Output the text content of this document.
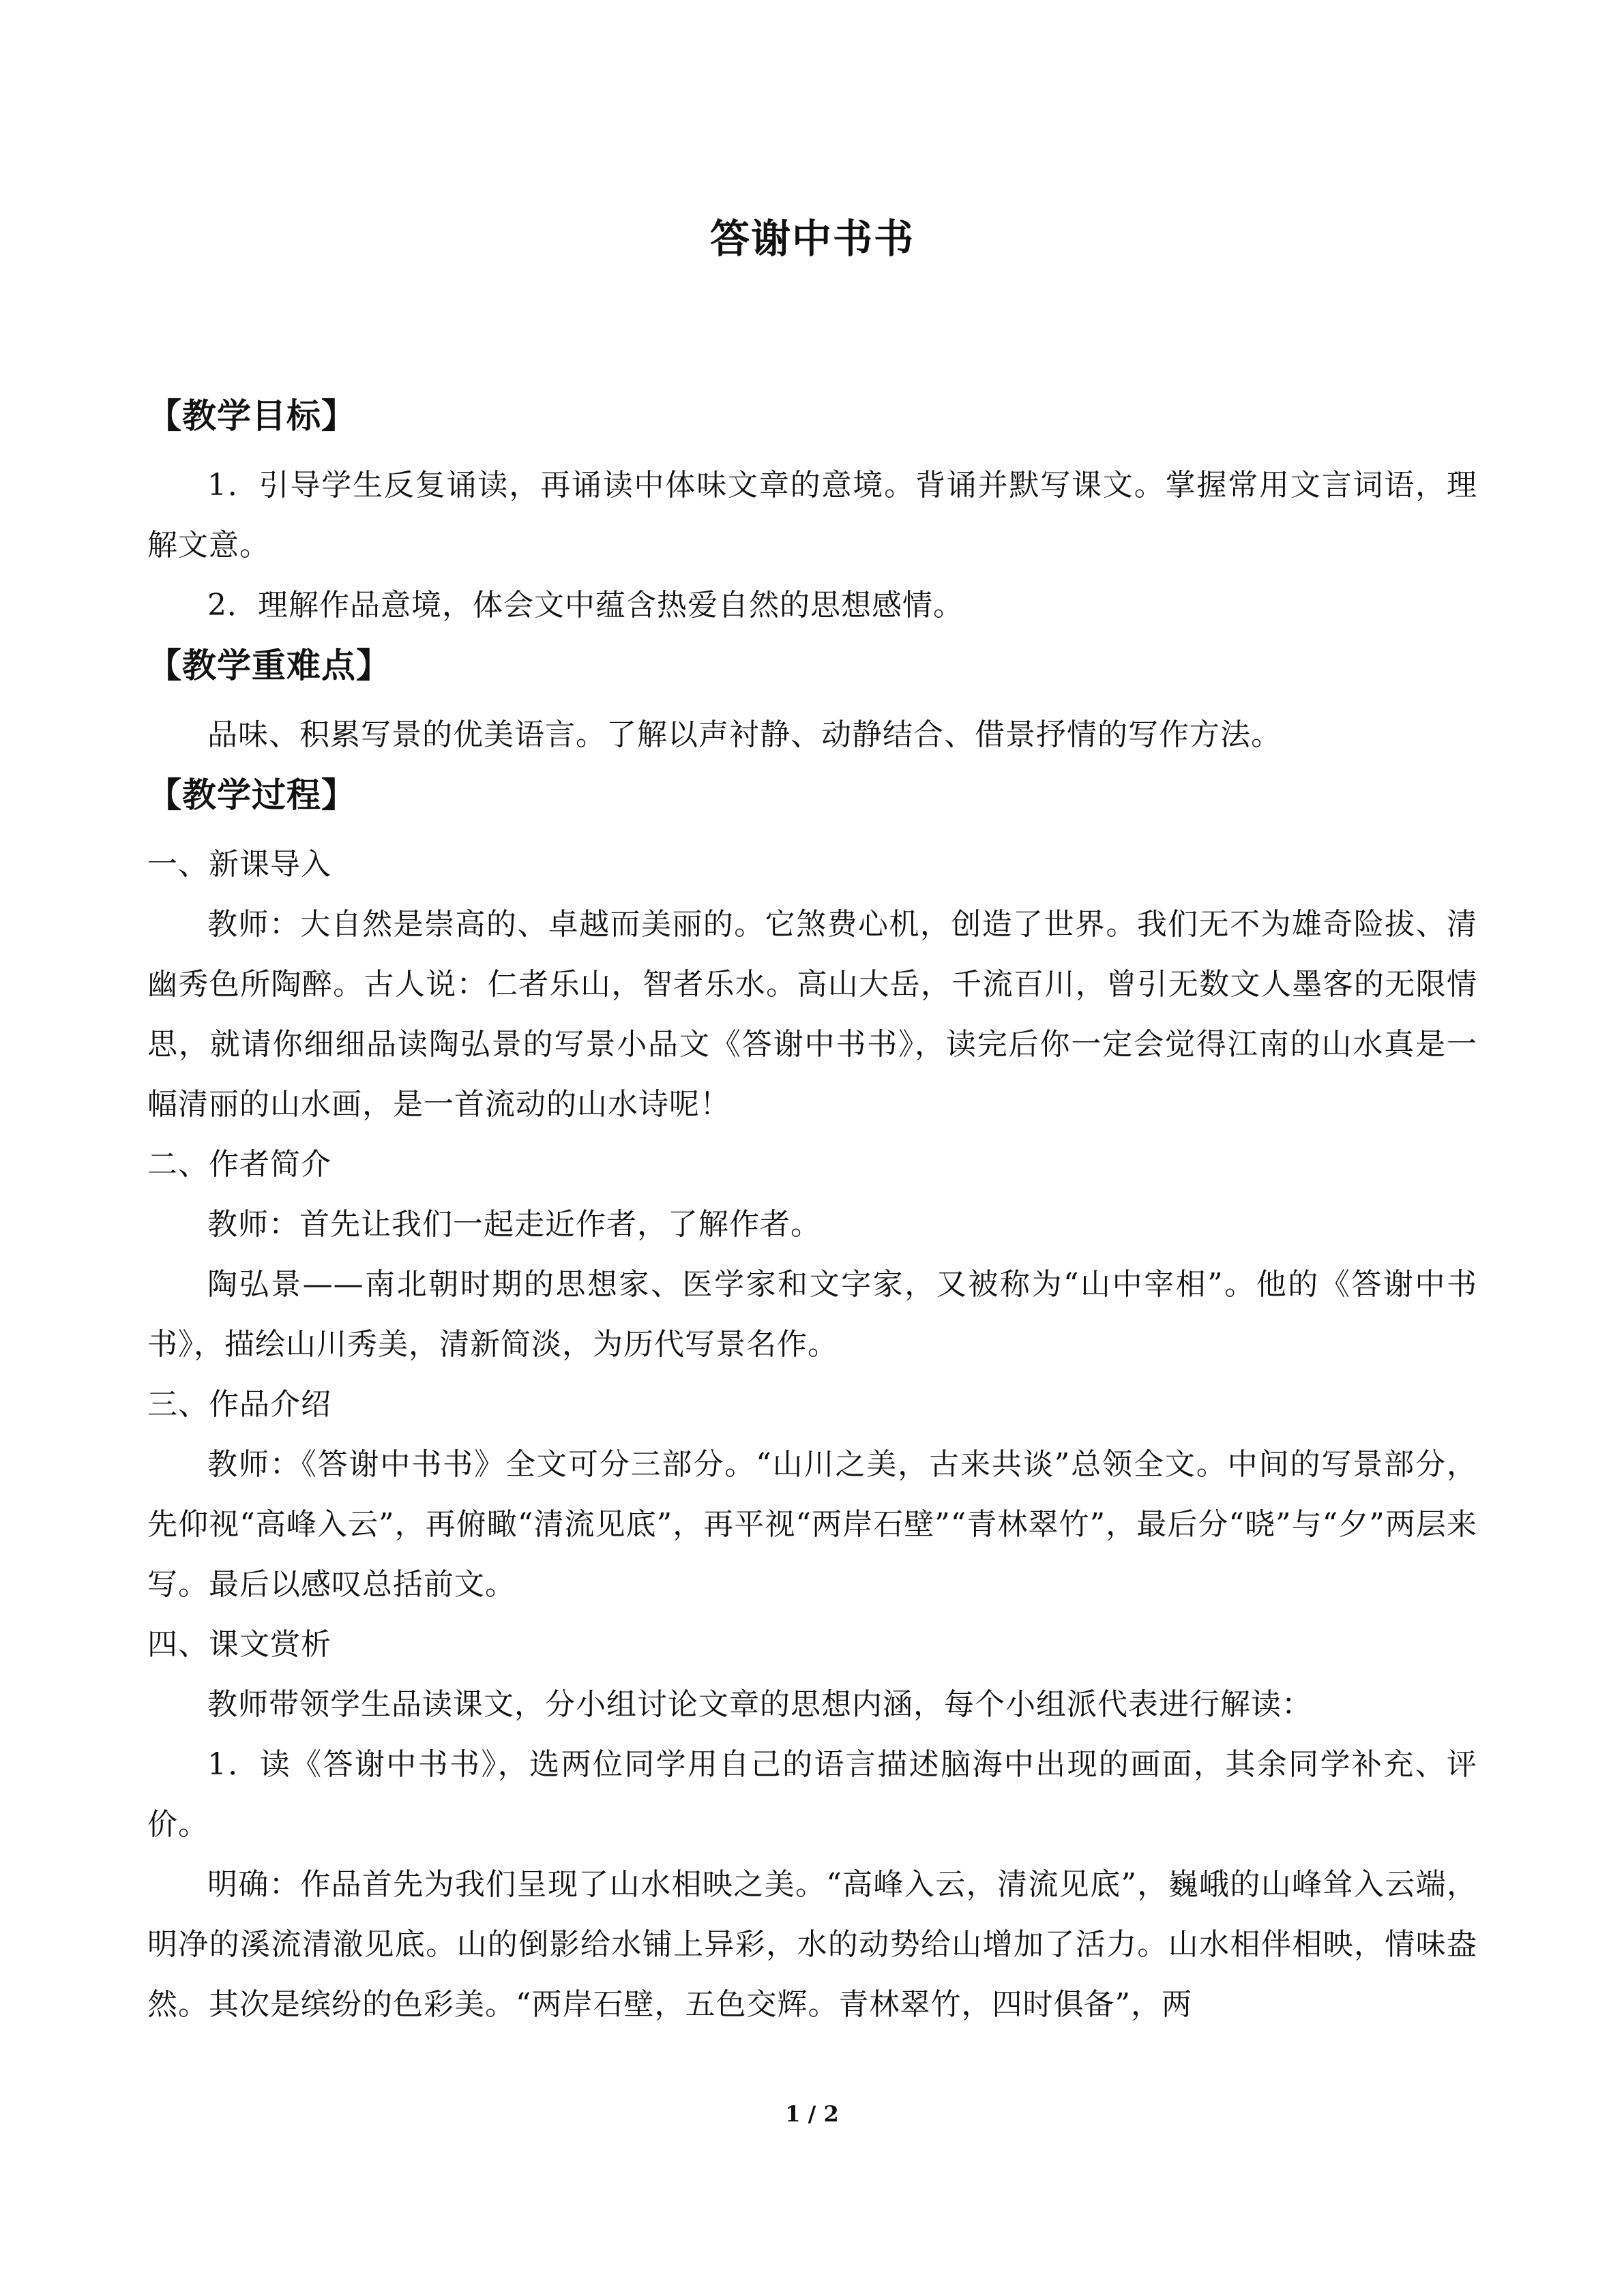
答谢中书书
【教学目标】

1．引导学生反复诵读，再诵读中体味文章的意境。背诵并默写课文。掌握常用文言词语，理解文意。

2．理解作品意境，体会文中蕴含热爱自然的思想感情。

【教学重难点】

品味、积累写景的优美语言。了解以声衬静、动静结合、借景抒情的写作方法。

【教学过程】

一、新课导入

教师：大自然是崇高的、卓越而美丽的。它煞费心机，创造了世界。我们无不为雄奇险拔、清幽秀色所陶醉。古人说：仁者乐山，智者乐水。高山大岳，千流百川，曾引无数文人墨客的无限情思，就请你细细品读陶弘景的写景小品文《答谢中书书》，读完后你一定会觉得江南的山水真是一幅清丽的山水画，是一首流动的山水诗呢！

二、作者简介

教师：首先让我们一起走近作者，了解作者。

陶弘景——南北朝时期的思想家、医学家和文字家，又被称为“山中宰相”。他的《答谢中书书》，描绘山川秀美，清新简淡，为历代写景名作。

三、作品介绍

教师：《答谢中书书》全文可分三部分。“山川之美，古来共谈”总领全文。中间的写景部分，先仰视“高峰入云”，再俯瞰“清流见底”，再平视“两岸石壁”“青林翠竹”，最后分“晓”与“夕”两层来写。最后以感叹总括前文。

四、课文赏析

教师带领学生品读课文，分小组讨论文章的思想内涵，每个小组派代表进行解读：

1．读《答谢中书书》，选两位同学用自己的语言描述脑海中出现的画面，其余同学补充、评价。

明确：作品首先为我们呈现了山水相映之美。“高峰入云，清流见底”，巍峨的山峰耸入云端，明净的溪流清澈见底。山的倒影给水铺上异彩，水的动势给山增加了活力。山水相伴相映，情味盎然。其次是缤纷的色彩美。“两岸石壁，五色交辉。青林翠竹，四时俱备”，两

1 / 2
